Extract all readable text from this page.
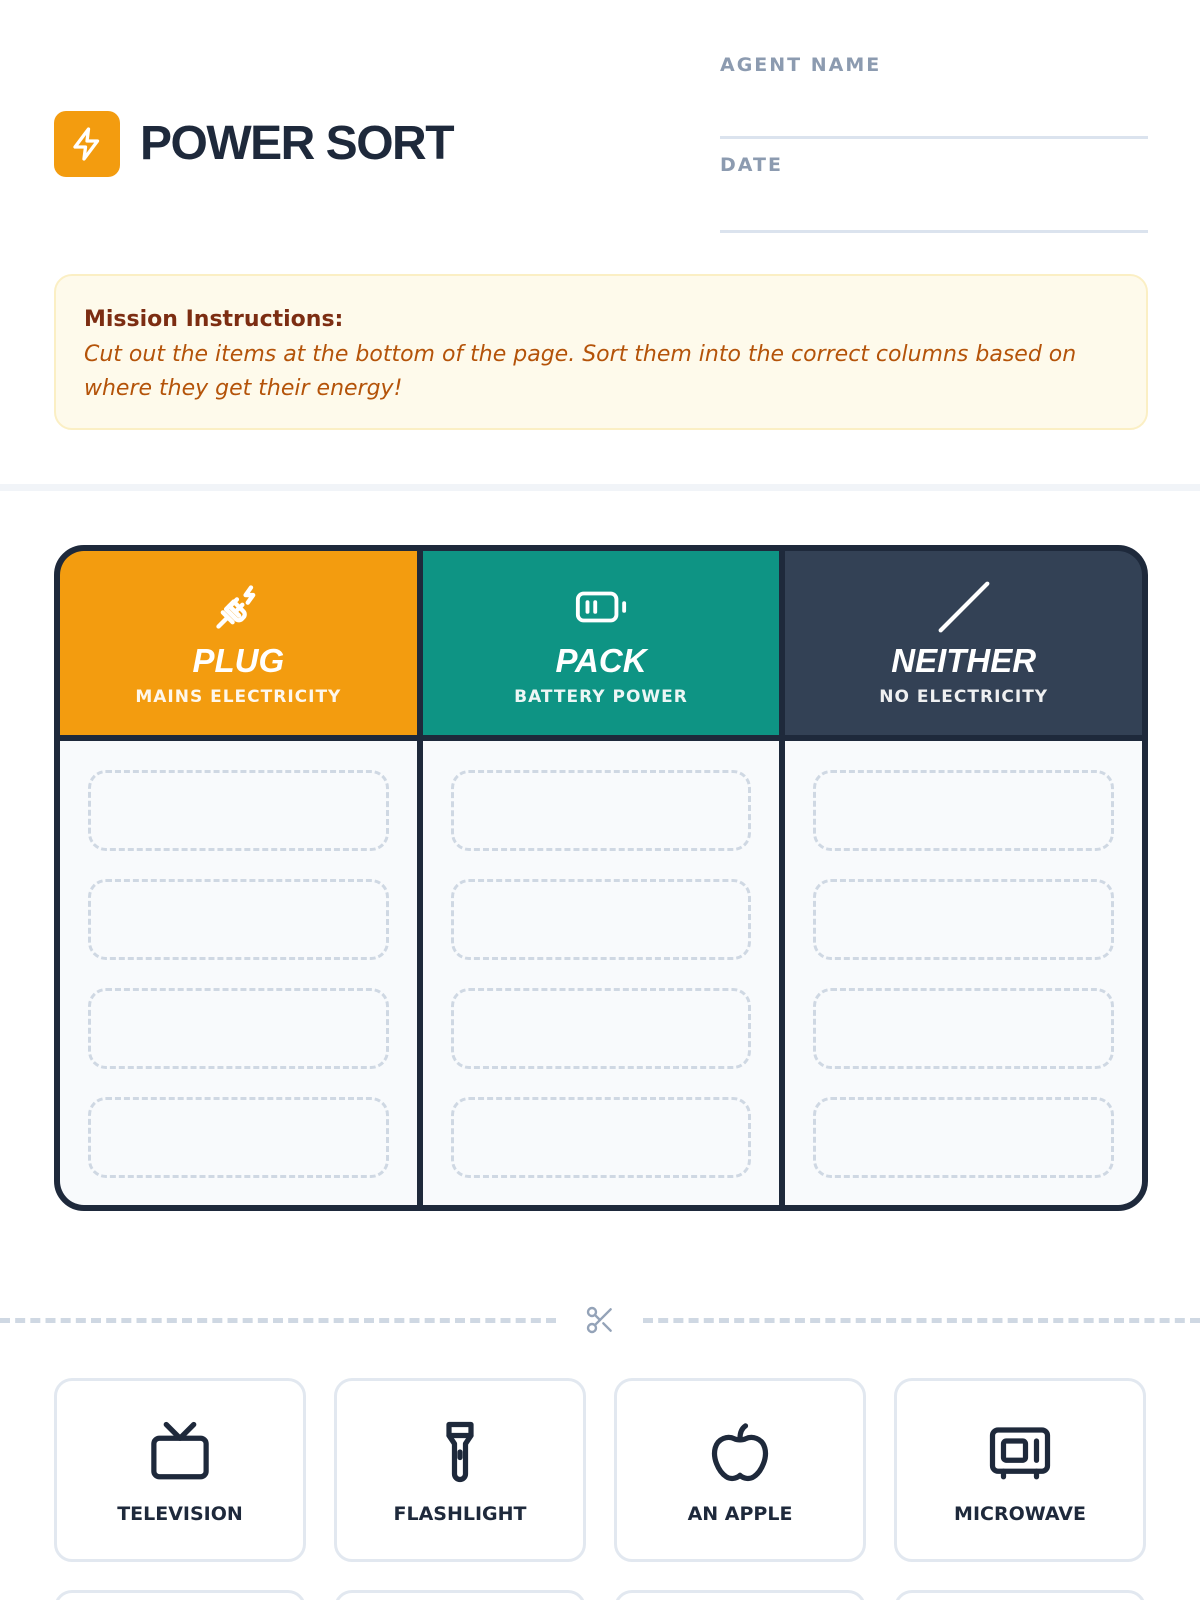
POWER SORT
AGENT NAME
DATE
Mission Instructions:
Cut out the items at the bottom of the page. Sort them into the correct columns based on where they get their energy!
PLUG
MAINS ELECTRICITY
PACK
BATTERY POWER
NEITHER
NO ELECTRICITY
TELEVISION	FLASHLIGHT	AN APPLE	MICROWAVE
